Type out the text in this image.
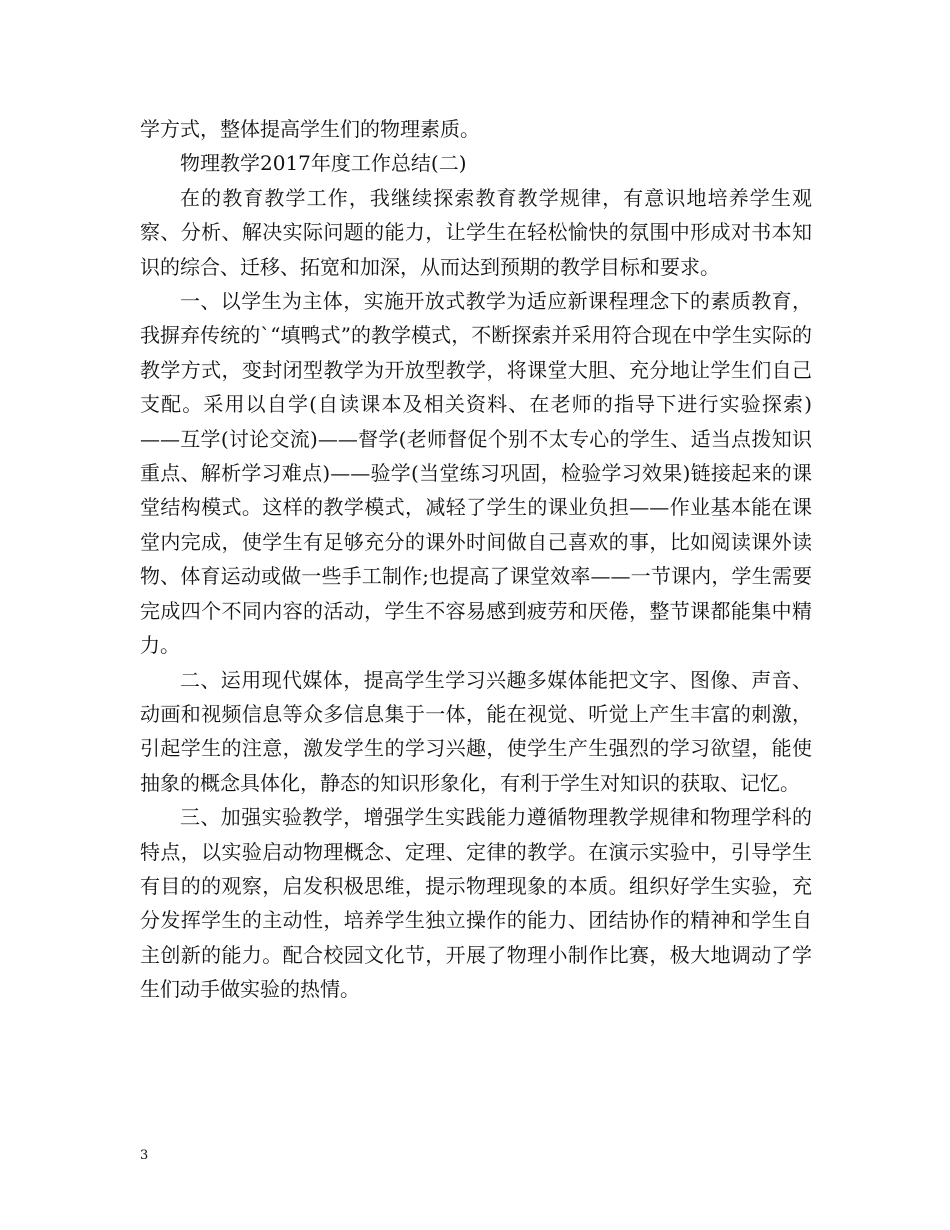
学方式，整体提高学生们的物理素质。

物理教学2017年度工作总结(二)

在的教育教学工作，我继续探索教育教学规律，有意识地培养学生观察、分析、解决实际问题的能力，让学生在轻松愉快的氛围中形成对书本知识的综合、迁移、拓宽和加深，从而达到预期的教学目标和要求。

一、以学生为主体，实施开放式教学为适应新课程理念下的素质教育，我摒弃传统的`“填鸭式”的教学模式，不断探索并采用符合现在中学生实际的教学方式，变封闭型教学为开放型教学，将课堂大胆、充分地让学生们自己支配。采用以自学(自读课本及相关资料、在老师的指导下进行实验探索)——互学(讨论交流)——督学(老师督促个别不太专心的学生、适当点拨知识重点、解析学习难点)——验学(当堂练习巩固，检验学习效果)链接起来的课堂结构模式。这样的教学模式，减轻了学生的课业负担——作业基本能在课堂内完成，使学生有足够充分的课外时间做自己喜欢的事，比如阅读课外读物、体育运动或做一些手工制作;也提高了课堂效率——一节课内，学生需要完成四个不同内容的活动，学生不容易感到疲劳和厌倦，整节课都能集中精力。

二、运用现代媒体，提高学生学习兴趣多媒体能把文字、图像、声音、动画和视频信息等众多信息集于一体，能在视觉、听觉上产生丰富的刺激，引起学生的注意，激发学生的学习兴趣，使学生产生强烈的学习欲望，能使抽象的概念具体化，静态的知识形象化，有利于学生对知识的获取、记忆。

三、加强实验教学，增强学生实践能力遵循物理教学规律和物理学科的特点，以实验启动物理概念、定理、定律的教学。在演示实验中，引导学生有目的的观察，启发积极思维，提示物理现象的本质。组织好学生实验，充分发挥学生的主动性，培养学生独立操作的能力、团结协作的精神和学生自主创新的能力。配合校园文化节，开展了物理小制作比赛，极大地调动了学生们动手做实验的热情。

3
